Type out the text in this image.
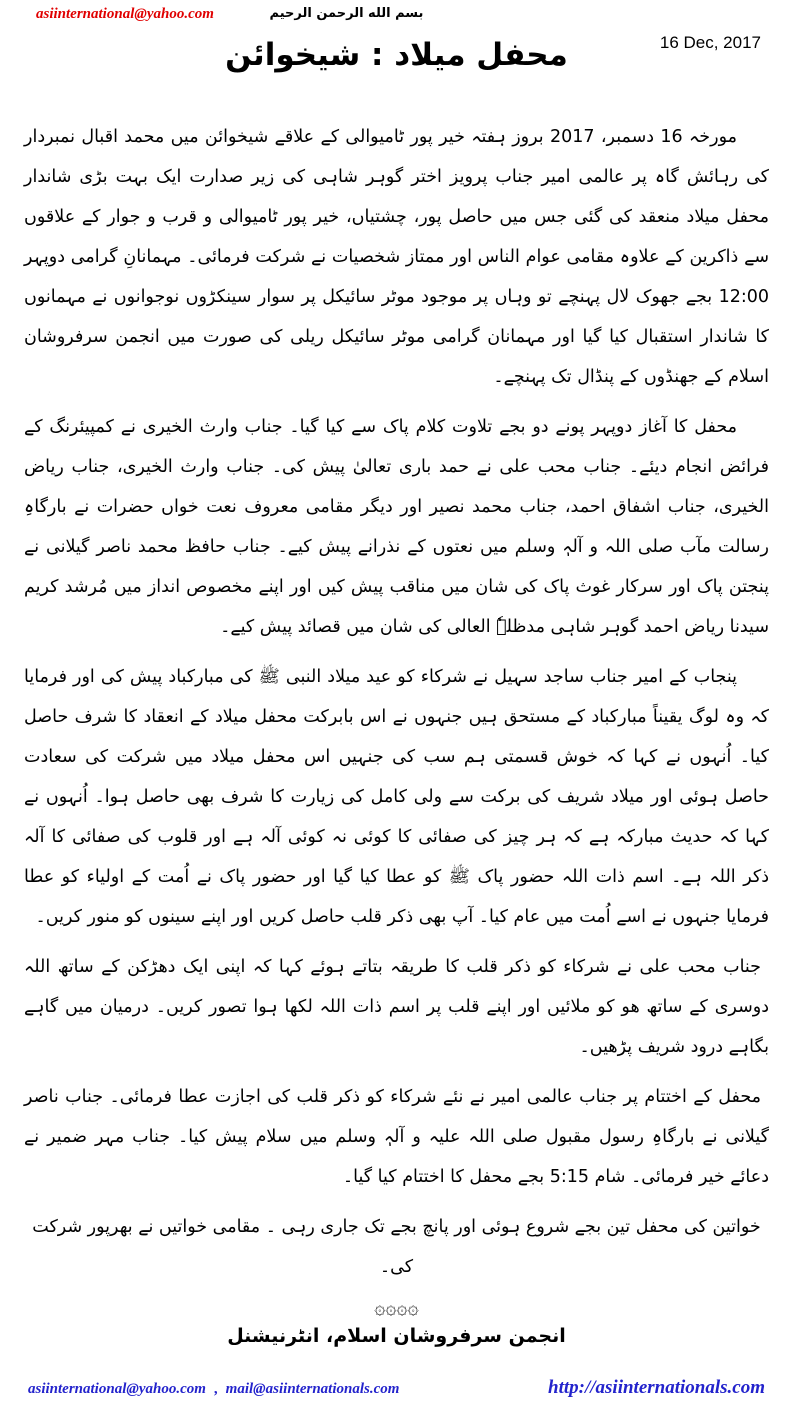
asiinternational@yahoo.com	بسم الله الرحمن الرحيم
محفل میلاد : شیخوائن	16 Dec, 2017

مورخہ 16 دسمبر، 2017 بروز ہفتہ خیر پور ٹامیوالی کے علاقے شیخوائن میں محمد اقبال نمبردار کی رہائش گاہ پر عالمی امیر جناب پرویز اختر گوہر شاہی کی زیر صدارت ایک بہت بڑی شاندار محفل میلاد منعقد کی گئی جس میں حاصل پور، چشتیاں، خیر پور ٹامیوالی و قرب و جوار کے علاقوں سے ذاکرین کے علاوہ مقامی عوام الناس اور ممتاز شخصیات نے شرکت فرمائی۔ مہمانانِ گرامی دوپہر 12:00 بجے جھوک لال پہنچے تو وہاں پر موجود موٹر سائیکل پر سوار سینکڑوں نوجوانوں نے مہمانوں کا شاندار استقبال کیا گیا اور مہمانان گرامی موٹر سائیکل ریلی کی صورت میں انجمن سرفروشان اسلام کے جھنڈوں کے پنڈال تک پہنچے۔

محفل کا آغاز دوپہر پونے دو بجے تلاوت کلام پاک سے کیا گیا۔ جناب وارث الخیری نے کمپیئرنگ کے فرائض انجام دیئے۔ جناب محب علی نے حمد باری تعالیٰ پیش کی۔ جناب وارث الخیری، جناب ریاض الخیری، جناب اشفاق احمد، جناب محمد نصیر اور دیگر مقامی معروف نعت خواں حضرات نے بارگاہِ رسالت مآب صلی اللہ و آلہٖ وسلم میں نعتوں کے نذرانے پیش کیے۔ جناب حافظ محمد ناصر گیلانی نے پنجتن پاک اور سرکار غوث پاک کی شان میں مناقب پیش کیں اور اپنے مخصوص انداز میں مُرشد کریم سیدنا ریاض احمد گوہر شاہی مدظلہٗ العالی کی شان میں قصائد پیش کیے۔

پنجاب کے امیر جناب ساجد سہیل نے شرکاء کو عید میلاد النبی ﷺ کی مبارکباد پیش کی اور فرمایا کہ وہ لوگ یقیناً مبارکباد کے مستحق ہیں جنہوں نے اس بابرکت محفل میلاد کے انعقاد کا شرف حاصل کیا۔ اُنہوں نے کہا کہ خوش قسمتی ہم سب کی جنہیں اس محفل میلاد میں شرکت کی سعادت حاصل ہوئی اور میلاد شریف کی برکت سے ولی کامل کی زیارت کا شرف بھی حاصل ہوا۔ اُنہوں نے کہا کہ حدیث مبارکہ ہے کہ ہر چیز کی صفائی کا کوئی نہ کوئی آلہ ہے اور قلوب کی صفائی کا آلہ ذکر اللہ ہے۔ اسم ذات اللہ حضور پاک ﷺ کو عطا کیا گیا اور حضور پاک نے اُمت کے اولیاء کو عطا فرمایا جنہوں نے اسے اُمت میں عام کیا۔ آپ بھی ذکر قلب حاصل کریں اور اپنے سینوں کو منور کریں۔

جناب محب علی نے شرکاء کو ذکر قلب کا طریقہ بتاتے ہوئے کہا کہ اپنی ایک دھڑکن کے ساتھ اللہ دوسری کے ساتھ ھو کو ملائیں اور اپنے قلب پر اسم ذات اللہ لکھا ہوا تصور کریں۔ درمیان میں گاہے بگاہے درود شریف پڑھیں۔

محفل کے اختتام پر جناب عالمی امیر نے نئے شرکاء کو ذکر قلب کی اجازت عطا فرمائی۔ جناب ناصر گیلانی نے بارگاہِ رسول مقبول صلی اللہ علیہ و آلہٖ وسلم میں سلام پیش کیا۔ جناب مہر ضمیر نے دعائے خیر فرمائی۔ شام 5:15 بجے محفل کا اختتام کیا گیا۔

خواتین کی محفل تین بجے شروع ہوئی اور پانچ بجے تک جاری رہی ۔ مقامی خواتیں نے بھرپور شرکت کی۔

۞۞۞۞
انجمن سرفروشان اسلام، انٹرنیشنل
asiinternational@yahoo.com , mail@asiinternationals.com	http://asiinternationals.com
